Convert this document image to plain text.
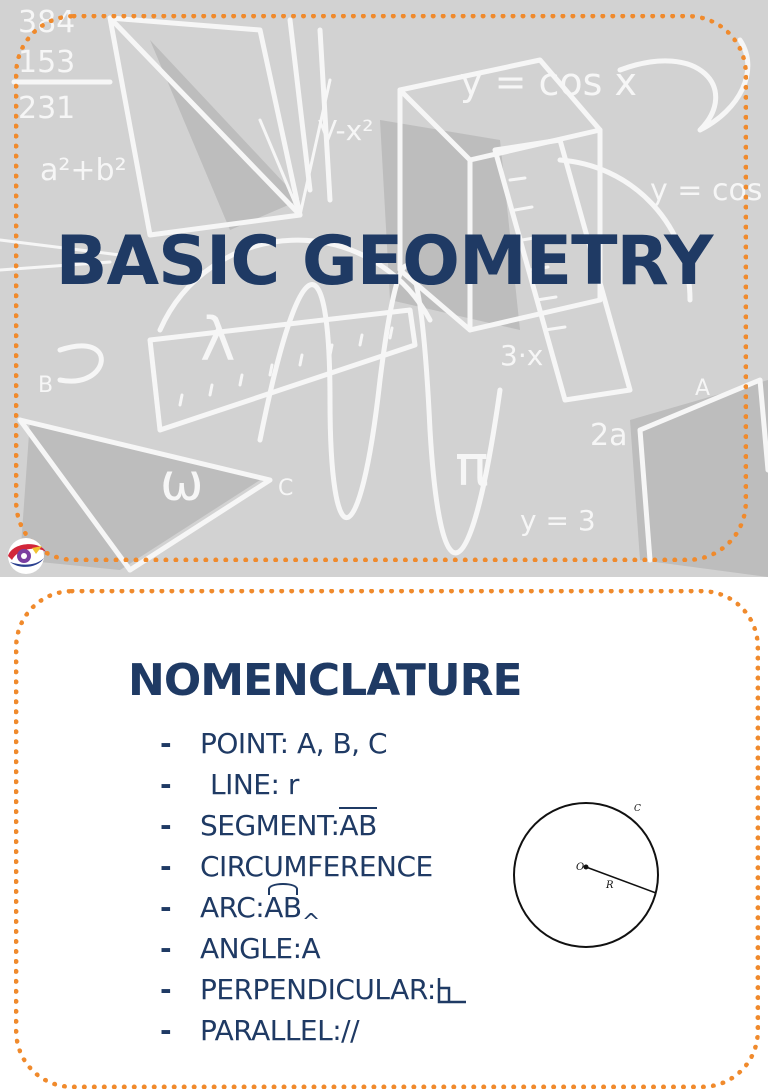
384
153
231
a²+b²
y = cos x
λ
π
3·x
2a
ω
y = 3
A
B
C
y = cos
V-x²
BASIC GEOMETRY
NOMENCLATURE
-	POINT: A, B, C
-	LINE: r
-	SEGMENT: AB
-	CIRCUMFERENCE
-	ARC: AB
-	ANGLE:
^ A
-	PERPENDICULAR:
-	PARALLEL: //
O
R
C
